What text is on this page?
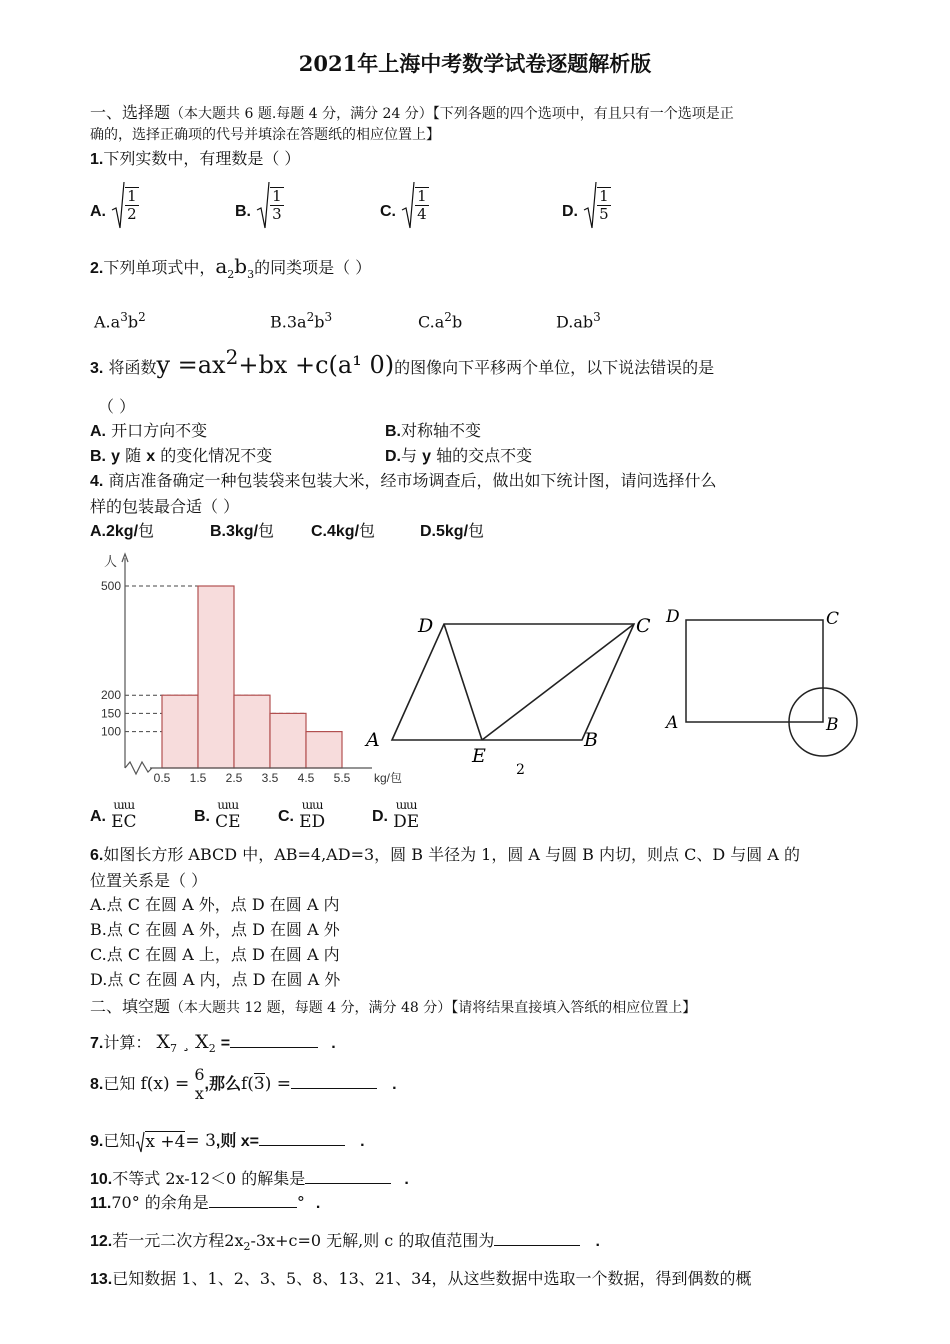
2021年上海中考数学试卷逐题解析版
一、选择题（本大题共 6 题.每题 4 分，满分 24 分）【下列各题的四个选项中，有且只有一个选项是正
确的，选择正确项的代号并填涂在答题纸的相应位置上】
1.下列实数中，有理数是（ ）
A. $\frac{1}{2}$	B. $\frac{1}{3}$	C. $\frac{1}{4}$	D. $\frac{1}{5}$
2.下列单项式中，$a_2b_3$的同类项是（ ）
$A.a^3b^2$	$B.3a^2b^3$	$C.a^2b$	$D.ab^3$
3. 将函数$y =ax^2+bx +c(a^1$ 0)的图像向下平移两个单位，以下说法错误的是
（ ）
A. 开口方向不变	B.对称轴不变
B. y 随 x 的变化情况不变	D.与 y 轴的交点不变
4. 商店准备确定一种包装袋来包装大米，经市场调查后，做出如下统计图，请问选择什么
样的包装最合适（ ）
A.2kg/包	B.3kg/包 C.4kg/包	D.5kg/包
人
kg/包
100
150
200
500
0.5 1.5 2.5 3.5 4.5 5.5
D	C
A	B
E
2
D	C
A	B
A.
ɯɯ
EC	B.
ɯɯ
CE C.
ɯɯ
ED	D.
ɯɯ
DE
6.如图长方形 ABCD 中，AB=4,AD=3，圆 B 半径为 1，圆 A 与圆 B 内切，则点 C、D 与圆 A 的
位置关系是（ ）
A.点 C 在圆 A 外，点 D 在圆 A 内
B.点 C 在圆 A 外，点 D 在圆 A 外
C.点 C 在圆 A 上，点 D 在圆 A 内
D.点 C 在圆 A 内，点 D 在圆 A 外
二、填空题（本大题共 12 题，每题 4 分，满分 48 分）【请将结果直接填入答纸的相应位置上】
7.计算： $X_7$ ¸ $X_2$ =	.
8.已知 f(x) = 6
x ,那么f(3) =	.
9.已知 x +4 = 3,则 x=	.
10.不等式 2x-12＜0 的解集是	.
11.70° 的余角是	° .
12.若一元二次方程$2x_2-3x+c=0$ 无解,则 c 的取值范围为	.
13.已知数据 1、1、2、3、5、8、13、21、34，从这些数据中选取一个数据，得到偶数的概
